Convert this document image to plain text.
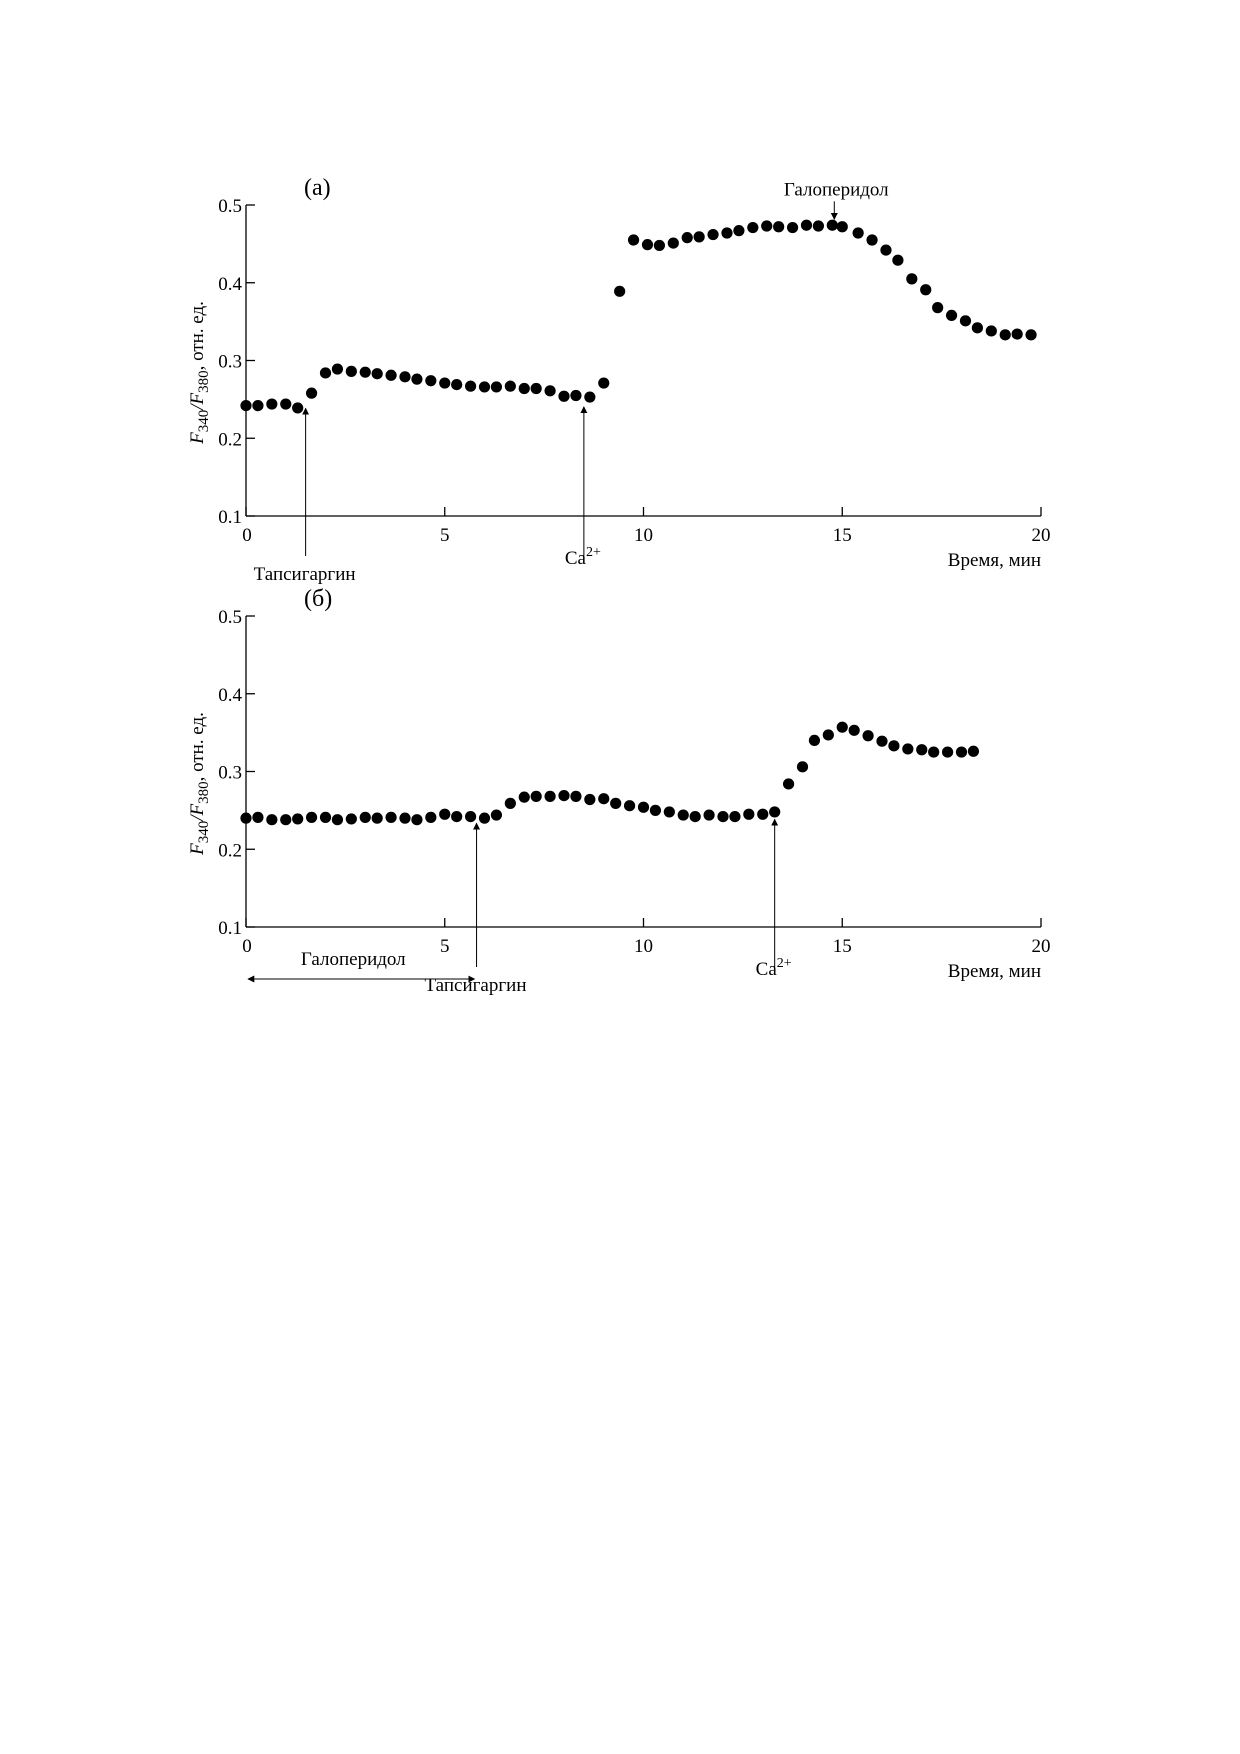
0.1
0.2
0.3
0.4
0.5
0	5	10	15	20
(а)
Время, мин
$F_{340}/F_{380}$, отн. ед.
Тапсигаргин
$Ca^{2+}$
Галоперидол
0.1
0.2
0.3
0.4
0.5
0	5	10	15	20
(б)
Время, мин
$F_{340}/F_{380}$, отн. ед.
Тапсигаргин
$Ca^{2+}$
Галоперидол
